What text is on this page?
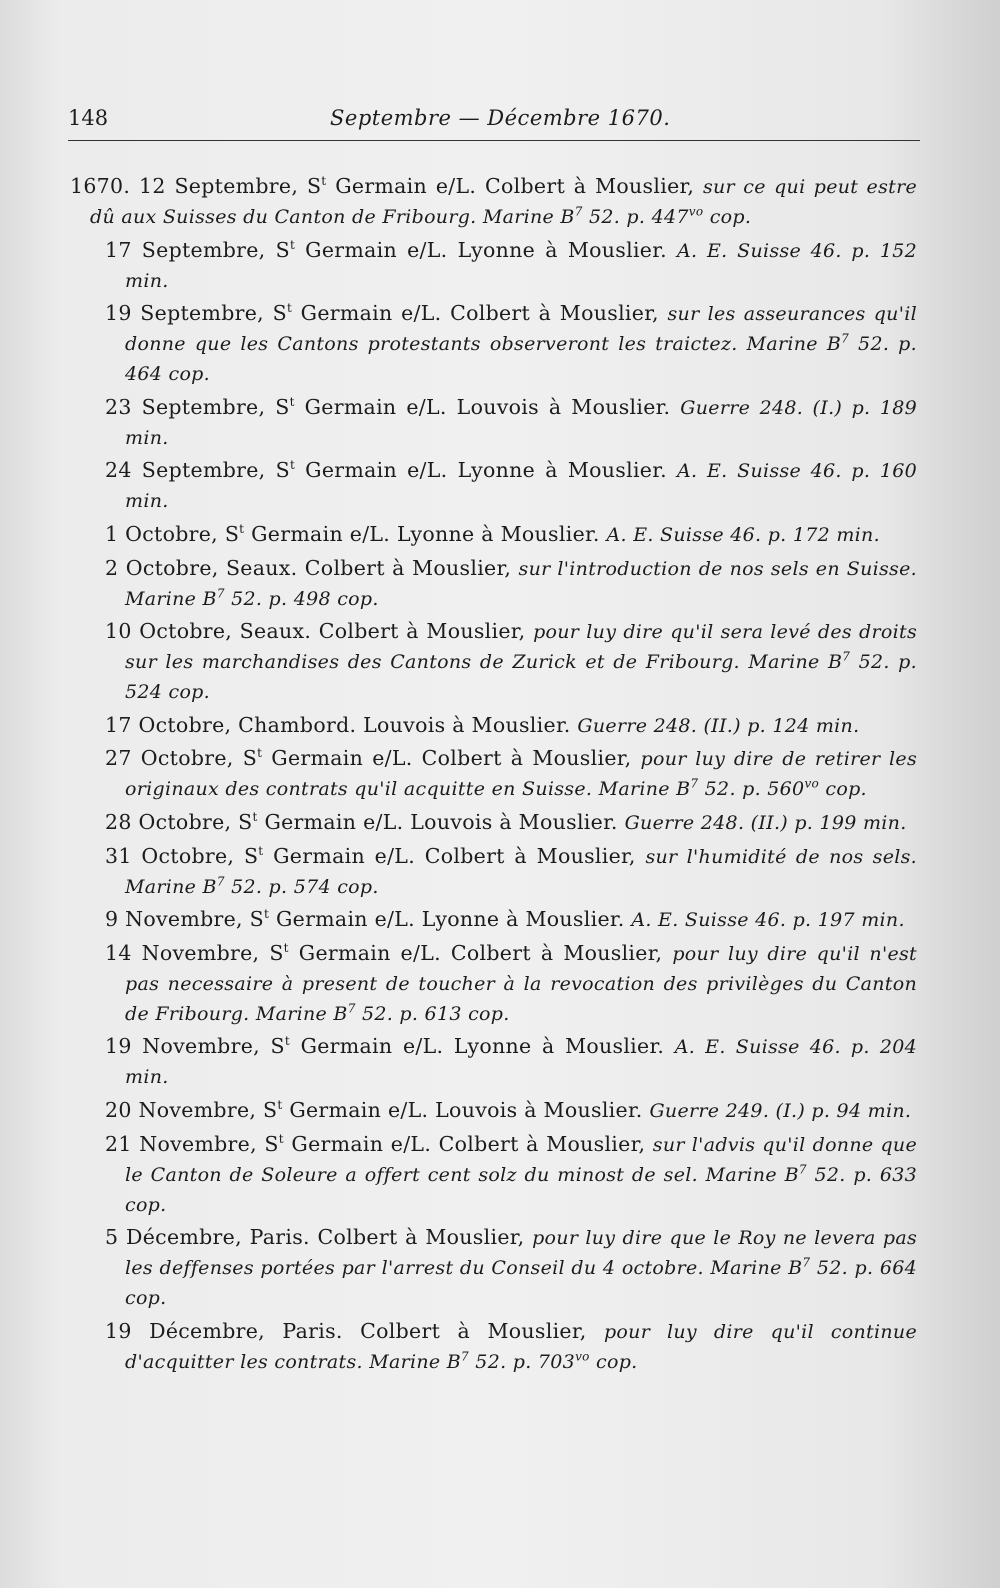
148	Septembre — Décembre 1670.

1670. 12 Septembre, $S^t$ Germain e/L. Colbert à Mouslier, sur ce qui peut estre dû aux Suisses du Canton de Fribourg. Marine $B^7$ 52. p. $447^{vo}$ cop.

17 Septembre, $S^t$ Germain e/L. Lyonne à Mouslier. A. E. Suisse 46. p. 152 min.

19 Septembre, $S^t$ Germain e/L. Colbert à Mouslier, sur les asseurances qu'il donne que les Cantons protestants observeront les traictez. Marine $B^7$ 52. p. 464 cop.

23 Septembre, $S^t$ Germain e/L. Louvois à Mouslier. Guerre 248. (I.) p. 189 min.

24 Septembre, $S^t$ Germain e/L. Lyonne à Mouslier. A. E. Suisse 46. p. 160 min.

1 Octobre, $S^t$ Germain e/L. Lyonne à Mouslier. A. E. Suisse 46. p. 172 min.

2 Octobre, Seaux. Colbert à Mouslier, sur l'introduction de nos sels en Suisse. Marine $B^7$ 52. p. 498 cop.

10 Octobre, Seaux. Colbert à Mouslier, pour luy dire qu'il sera levé des droits sur les marchandises des Cantons de Zurick et de Fribourg. Marine $B^7$ 52. p. 524 cop.

17 Octobre, Chambord. Louvois à Mouslier. Guerre 248. (II.) p. 124 min.

27 Octobre, $S^t$ Germain e/L. Colbert à Mouslier, pour luy dire de retirer les originaux des contrats qu'il acquitte en Suisse. Marine $B^7$ 52. p. $560^{vo}$ cop.

28 Octobre, $S^t$ Germain e/L. Louvois à Mouslier. Guerre 248. (II.) p. 199 min.

31 Octobre, $S^t$ Germain e/L. Colbert à Mouslier, sur l'humidité de nos sels. Marine $B^7$ 52. p. 574 cop.

9 Novembre, $S^t$ Germain e/L. Lyonne à Mouslier. A. E. Suisse 46. p. 197 min.

14 Novembre, $S^t$ Germain e/L. Colbert à Mouslier, pour luy dire qu'il n'est pas necessaire à present de toucher à la revocation des privilèges du Canton de Fribourg. Marine $B^7$ 52. p. 613 cop.

19 Novembre, $S^t$ Germain e/L. Lyonne à Mouslier. A. E. Suisse 46. p. 204 min.

20 Novembre, $S^t$ Germain e/L. Louvois à Mouslier. Guerre 249. (I.) p. 94 min.

21 Novembre, $S^t$ Germain e/L. Colbert à Mouslier, sur l'advis qu'il donne que le Canton de Soleure a offert cent solz du minost de sel. Marine $B^7$ 52. p. 633 cop.

5 Décembre, Paris. Colbert à Mouslier, pour luy dire que le Roy ne levera pas les deffenses portées par l'arrest du Conseil du 4 octobre. Marine $B^7$ 52. p. 664 cop.

19 Décembre, Paris. Colbert à Mouslier, pour luy dire qu'il continue d'acquitter les contrats. Marine $B^7$ 52. p. $703^{vo}$ cop.
